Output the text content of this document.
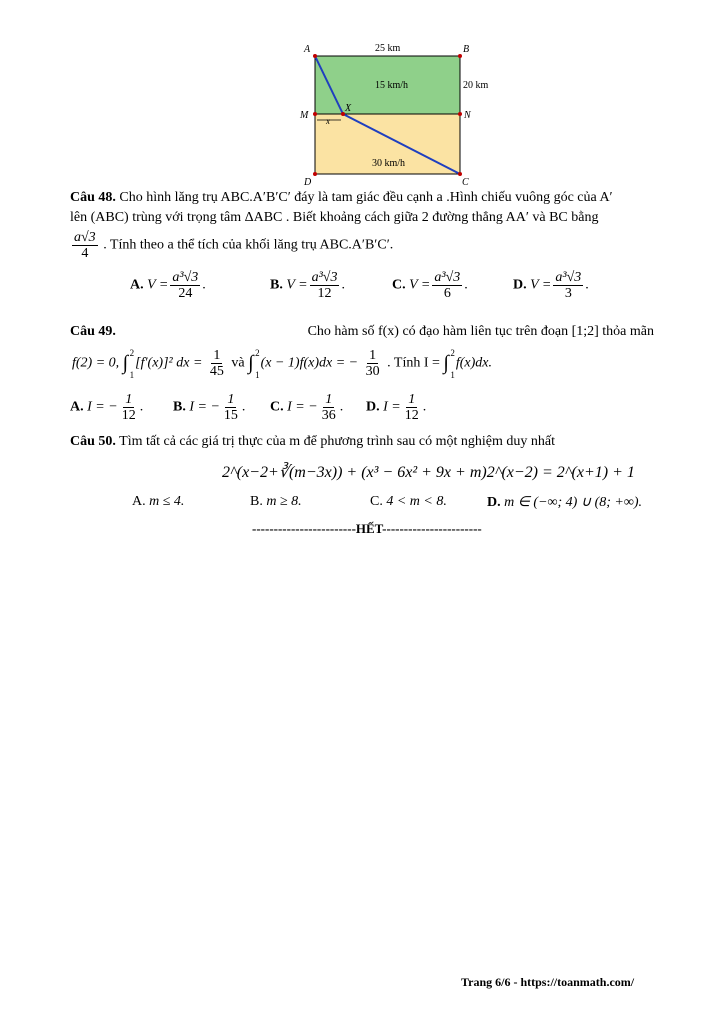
A	B
M	N
D	C
X
x
25 km
20 km
15 km/h
30 km/h
Câu 48. Cho hình lăng trụ ABC.A′B′C′ đáy là tam giác đều cạnh a .Hình chiếu vuông góc của A′
lên (ABC) trùng với trọng tâm ΔABC . Biết khoảng cách giữa 2 đường thẳng AA′ và BC bằng
$\frac{a√3}{4}$ . Tính theo a thể tích của khối lăng trụ ABC.A′B′C′.
A. $V = \frac{\text{a³√3}}{24}$ .	B. $V = \frac{\text{a³√3}}{12}$ .	C. $V = \frac{\text{a³√3}}{6}$ .	D. $V = \frac{\text{a³√3}}{3}$ .
Câu 49.	Cho hàm số f(x) có đạo hàm liên tục trên đoạn [1;2] thỏa mãn
f(2) = 0, ∫ 2
1
[f′(x)]² dx = $\frac{1}{45}$ và ∫ 2
1
(x − 1)f(x)dx = − $\frac{1}{30}$ . Tính I = ∫ 2
1
f(x)dx.
A. I = − $\frac{1}{12}$ . B. I = − $\frac{1}{15}$ . C. I = − $\frac{1}{36}$ . D. $I = \frac{1}{12}$ .
Câu 50. Tìm tất cả các giá trị thực của m để phương trình sau có một nghiệm duy nhất
2^(x−2+∛(m−3x)) + (x³ − 6x² + 9x + m)2^(x−2) = 2^(x+1) + 1
A. m ≤ 4.	B. m ≥ 8.	C. 4 < m < 8.	D. m ∈ (−∞; 4) ∪ (8; +∞).
------------------------HẾT-----------------------
Trang 6/6 - https://toanmath.com/
